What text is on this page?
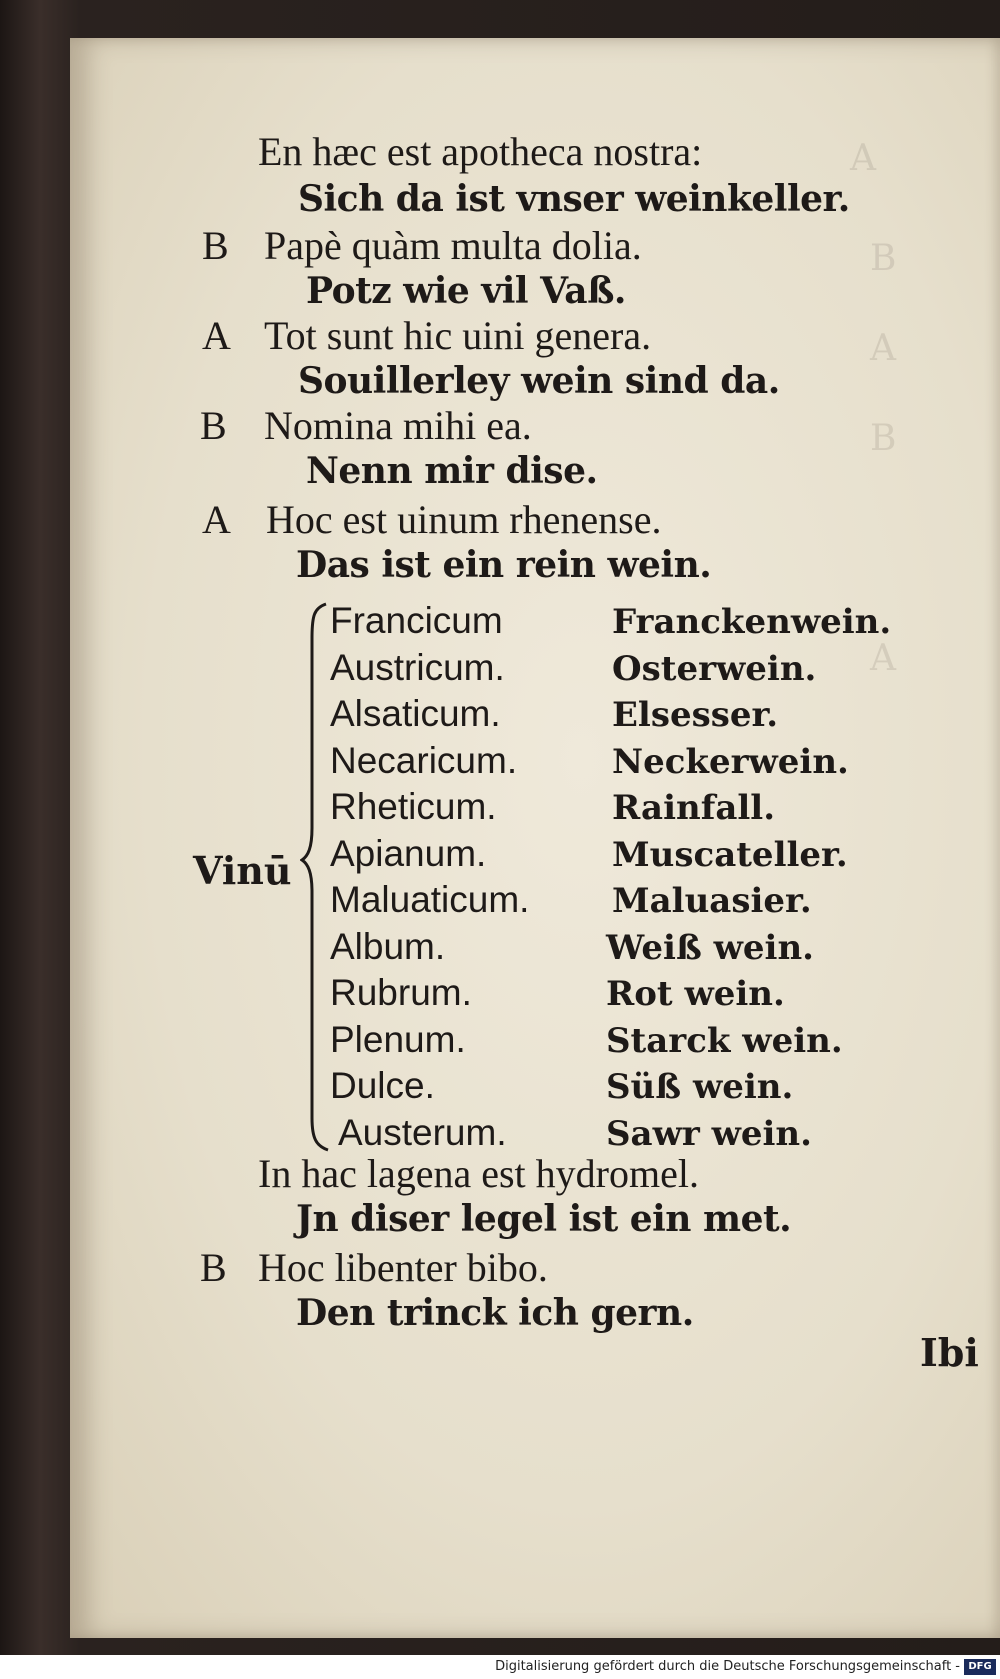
A
B
A
B
A
En hæc est apotheca nostra:
Sich da ist vnser weinkeller.
B Papè quàm multa dolia.
Potz wie vil Vaß.
A Tot sunt hic uini genera.
Souillerley wein sind da.
B Nomina mihi ea.
Nenn mir dise.
A Hoc est uinum rhenense.
Das ist ein rein wein.
Vinū
Francicum	Franckenwein.
Austricum.	Osterwein.
Alsaticum.	Elsesser.
Necaricum.	Neckerwein.
Rheticum.	Rainfall.
Apianum.	Muscateller.
Maluaticum. Maluasier.
Album.	Weiß wein.
Rubrum.	Rot wein.
Plenum.	Starck wein.
Dulce.	Süß wein.
Austerum.	Sawr wein.
In hac lagena est hydromel.
Jn diser legel ist ein met.
B Hoc libenter bibo.
Den trinck ich gern.
Ibi
Digitalisierung gefördert durch die Deutsche Forschungsgemeinschaft - DFG
